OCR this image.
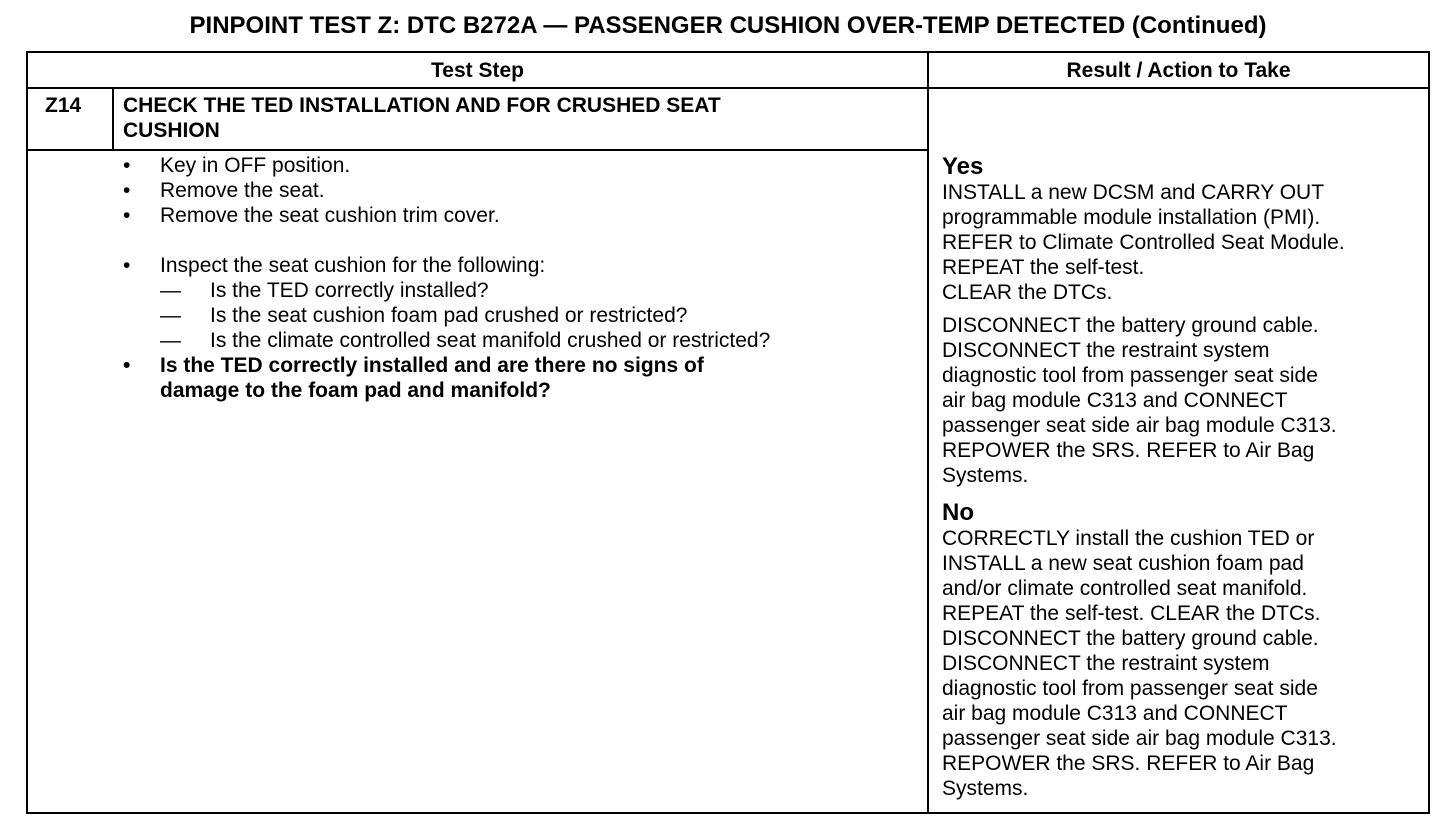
PINPOINT TEST Z: DTC B272A — PASSENGER CUSHION OVER-TEMP DETECTED (Continued)
Test Step	Result / Action to Take
Z14 CHECK THE TED INSTALLATION AND FOR CRUSHED SEAT
CUSHION
• Key in OFF position.
• Remove the seat.
• Remove the seat cushion trim cover.
• Inspect the seat cushion for the following:
— Is the TED correctly installed?
— Is the seat cushion foam pad crushed or restricted?
— Is the climate controlled seat manifold crushed or restricted?
• Is the TED correctly installed and are there no signs of
damage to the foam pad and manifold?
Yes
INSTALL a new DCSM and CARRY OUT
programmable module installation (PMI).
REFER to Climate Controlled Seat Module.
REPEAT the self-test.
CLEAR the DTCs.
DISCONNECT the battery ground cable.
DISCONNECT the restraint system
diagnostic tool from passenger seat side
air bag module C313 and CONNECT
passenger seat side air bag module C313.
REPOWER the SRS. REFER to Air Bag
Systems.
No
CORRECTLY install the cushion TED or
INSTALL a new seat cushion foam pad
and/or climate controlled seat manifold.
REPEAT the self-test. CLEAR the DTCs.
DISCONNECT the battery ground cable.
DISCONNECT the restraint system
diagnostic tool from passenger seat side
air bag module C313 and CONNECT
passenger seat side air bag module C313.
REPOWER the SRS. REFER to Air Bag
Systems.
